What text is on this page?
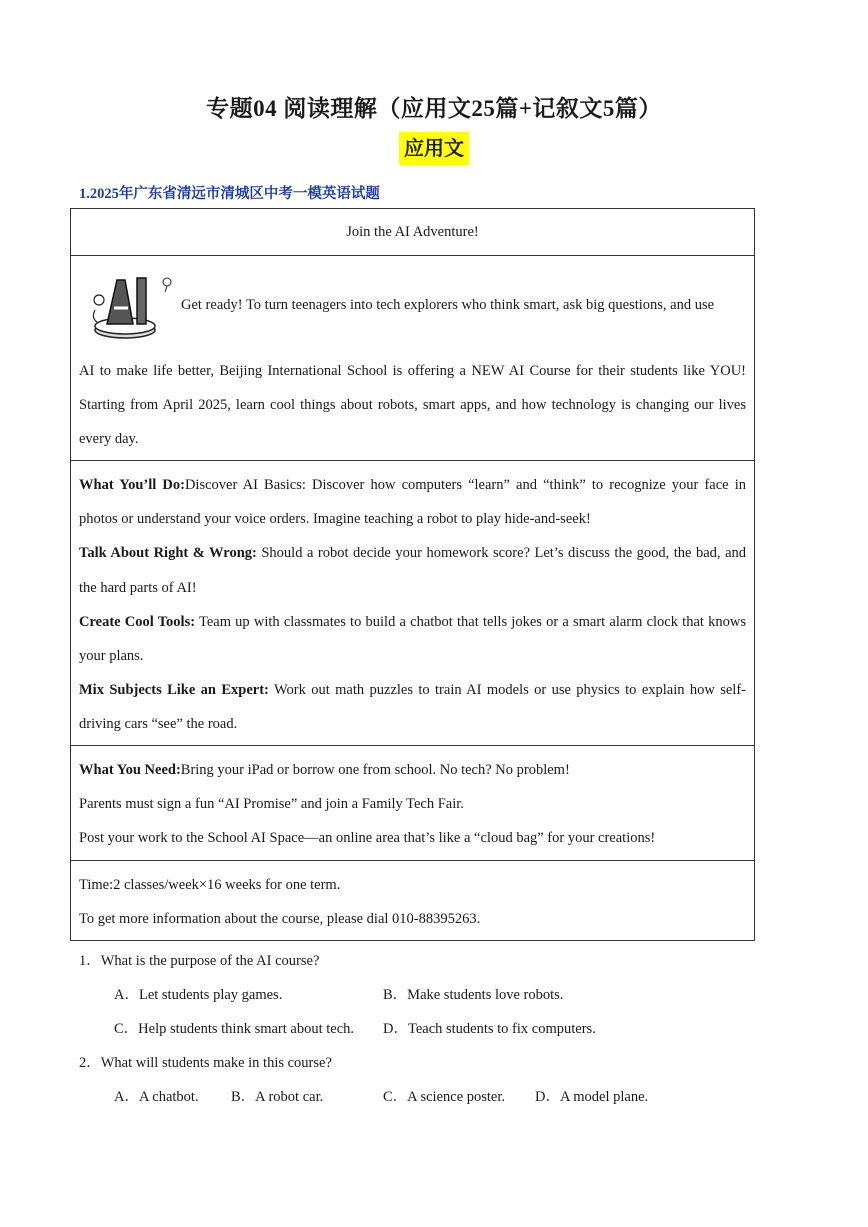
专题04 阅读理解（应用文25篇+记叙文5篇）
应用文
1.2025年广东省清远市清城区中考一模英语试题
Join the AI Adventure!
Get ready! To turn teenagers into tech explorers who think smart, ask big questions, and use
AI to make life better, Beijing International School is offering a NEW AI Course for their students like YOU! Starting from April 2025, learn cool things about robots, smart apps, and how technology is changing our lives every day.

What You’ll Do:Discover AI Basics: Discover how computers “learn” and “think” to recognize your face in photos or understand your voice orders. Imagine teaching a robot to play hide-and-seek!

Talk About Right & Wrong: Should a robot decide your homework score? Let’s discuss the good, the bad, and the hard parts of AI!

Create Cool Tools: Team up with classmates to build a chatbot that tells jokes or a smart alarm clock that knows your plans.

Mix Subjects Like an Expert: Work out math puzzles to train AI models or use physics to explain how self-driving cars “see” the road.

What You Need:Bring your iPad or borrow one from school. No tech? No problem!

Parents must sign a fun “AI Promise” and join a Family Tech Fair.

Post your work to the School AI Space—an online area that’s like a “cloud bag” for your creations!

Time:2 classes/week×16 weeks for one term.

To get more information about the course, please dial 010-88395263.

1．What is the purpose of the AI course?
A．Let students play games.	B．Make students love robots.
C．Help students think smart about tech. D．Teach students to fix computers.
2．What will students make in this course?
A．A chatbot. B．A robot car.	C．A science poster. D．A model plane.
